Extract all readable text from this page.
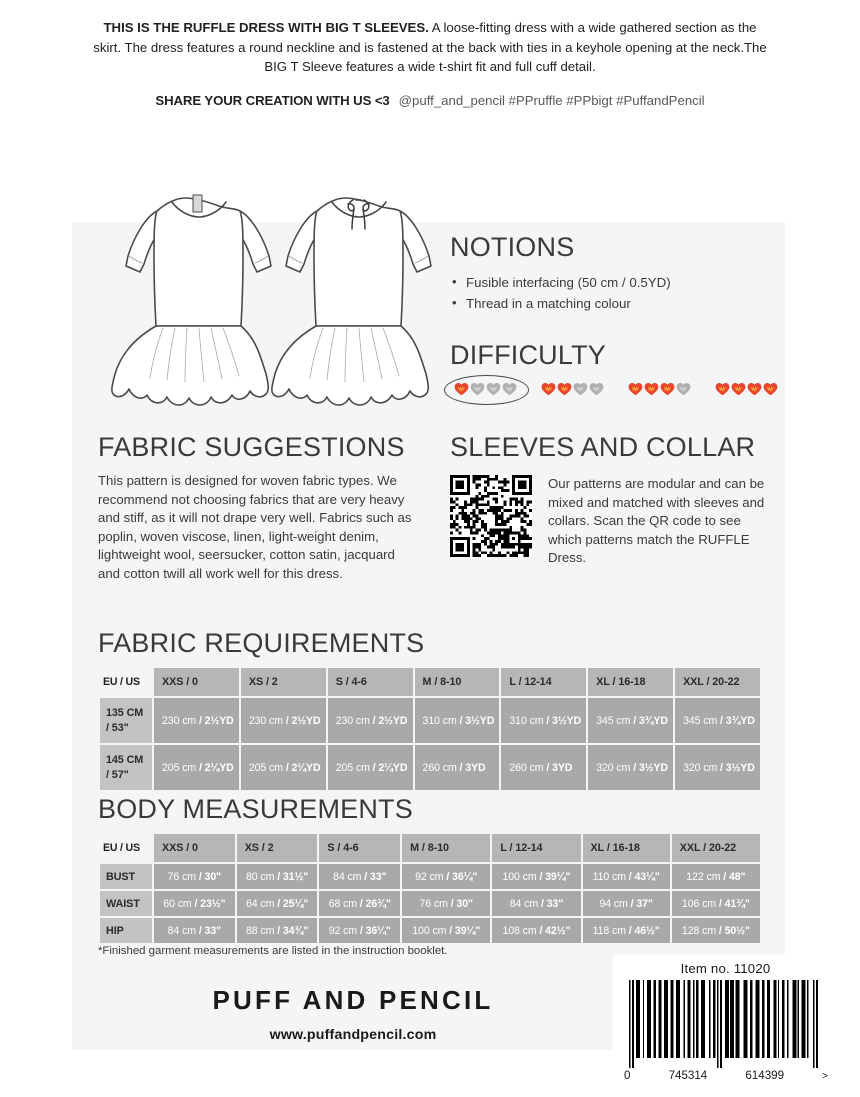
THIS IS THE RUFFLE DRESS WITH BIG T SLEEVES. A loose-fitting dress with a wide gathered section as the skirt. The dress features a round neckline and is fastened at the back with ties in a keyhole opening at the neck.The BIG T Sleeve features a wide t-shirt fit and full cuff detail.

SHARE YOUR CREATION WITH US <3 @puff_and_pencil #PPruffle #PPbigt #PuffandPencil

NOTIONS
• Fusible interfacing (50 cm / 0.5YD)
• Thread in a matching colour
DIFFICULTY
FABRIC SUGGESTIONS

This pattern is designed for woven fabric types. We recommend not choosing fabrics that are very heavy and stiff, as it will not drape very well. Fabrics such as poplin, woven viscose, linen, light-weight denim, lightweight wool, seersucker, cotton satin, jacquard and cotton twill all work well for this dress.

SLEEVES AND COLLAR

Our patterns are modular and can be mixed and matched with sleeves and collars. Scan the QR code to see which patterns match the RUFFLE Dress.

FABRIC REQUIREMENTS
EU / US	XXS / 0	XS / 2	S / 4-6	M / 8-10	L / 12-14	XL / 16-18	XXL / 20-22

135 CM
/ 53"	230 cm / 2½YD	230 cm / 2½YD	230 cm / 2½YD	310 cm / 3½YD	310 cm / 3½YD	345 cm / 3¾YD	345 cm / 3¾YD

145 CM
/ 57"	205 cm / 2¼YD	205 cm / 2¼YD	205 cm / 2¼YD	260 cm / 3YD	260 cm / 3YD	320 cm / 3½YD	320 cm / 3½YD
BODY MEASUREMENTS
EU / US	XXS / 0	XS / 2	S / 4-6	M / 8-10	L / 12-14	XL / 16-18	XXL / 20-22
BUST	76 cm / 30"	80 cm / 31½"	84 cm / 33"	92 cm / 36¼"	100 cm / 39¼"	110 cm / 43¼"	122 cm / 48"
WAIST	60 cm / 23½"	64 cm / 25¼"	68 cm / 26¾"	76 cm / 30"	84 cm / 33"	94 cm / 37"	106 cm / 41¾"
HIP	84 cm / 33"	88 cm / 34¾"	92 cm / 36¼"	100 cm / 39¼"	108 cm / 42½"	118 cm / 46½"	128 cm / 50½"
*Finished garment measurements are listed in the instruction booklet.
PUFF AND PENCIL
www.puffandpencil.com
Item no. 11020
0	745314	614399	>
